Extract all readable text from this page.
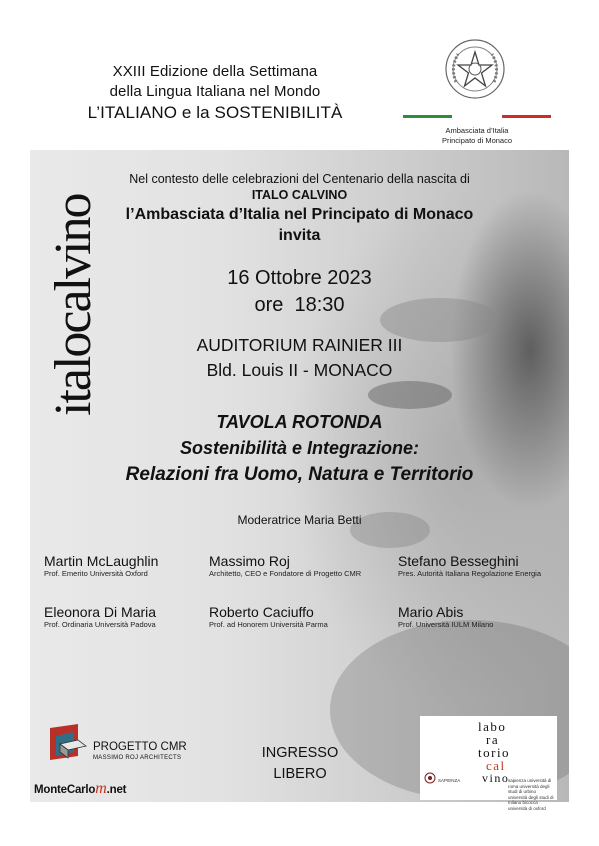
XXIII Edizione della Settimana
della Lingua Italiana nel Mondo
L’ITALIANO e la SOSTENIBILITÀ
Ambasciata d’Italia
Principato di Monaco
Nel contesto delle celebrazioni del Centenario della nascita di
ITALO CALVINO
l’Ambasciata d’Italia nel Principato di Monaco
invita
italocalvino	16 Ottobre 2023
ore  18:30
AUDITORIUM RAINIER III
Bld. Louis II - MONACO
TAVOLA ROTONDA
Sostenibilità e Integrazione:
Relazioni fra Uomo, Natura e Territorio
Moderatrice Maria Betti
Martin McLaughlin
Prof. Emerito Università Oxford
Massimo Roj
Architetto, CEO e Fondatore di Progetto CMR
Stefano Besseghini
Pres. Autorità Italiana Regolazione Energia
Eleonora Di Maria
Prof. Ordinaria Università Padova
Roberto Caciuffo
Prof. ad Honorem Università Parma
Mario Abis
Prof. Università IULM Milano
PROGETTO CMR
MASSIMO ROJ ARCHITECTS
MonteCarlom.net
INGRESSO
LIBERO
labo
ra
torio
cal
vino
SAPIENZA	sapienza università di roma università degli studi di urbino università degli studi di milano bicocca università di oxford
